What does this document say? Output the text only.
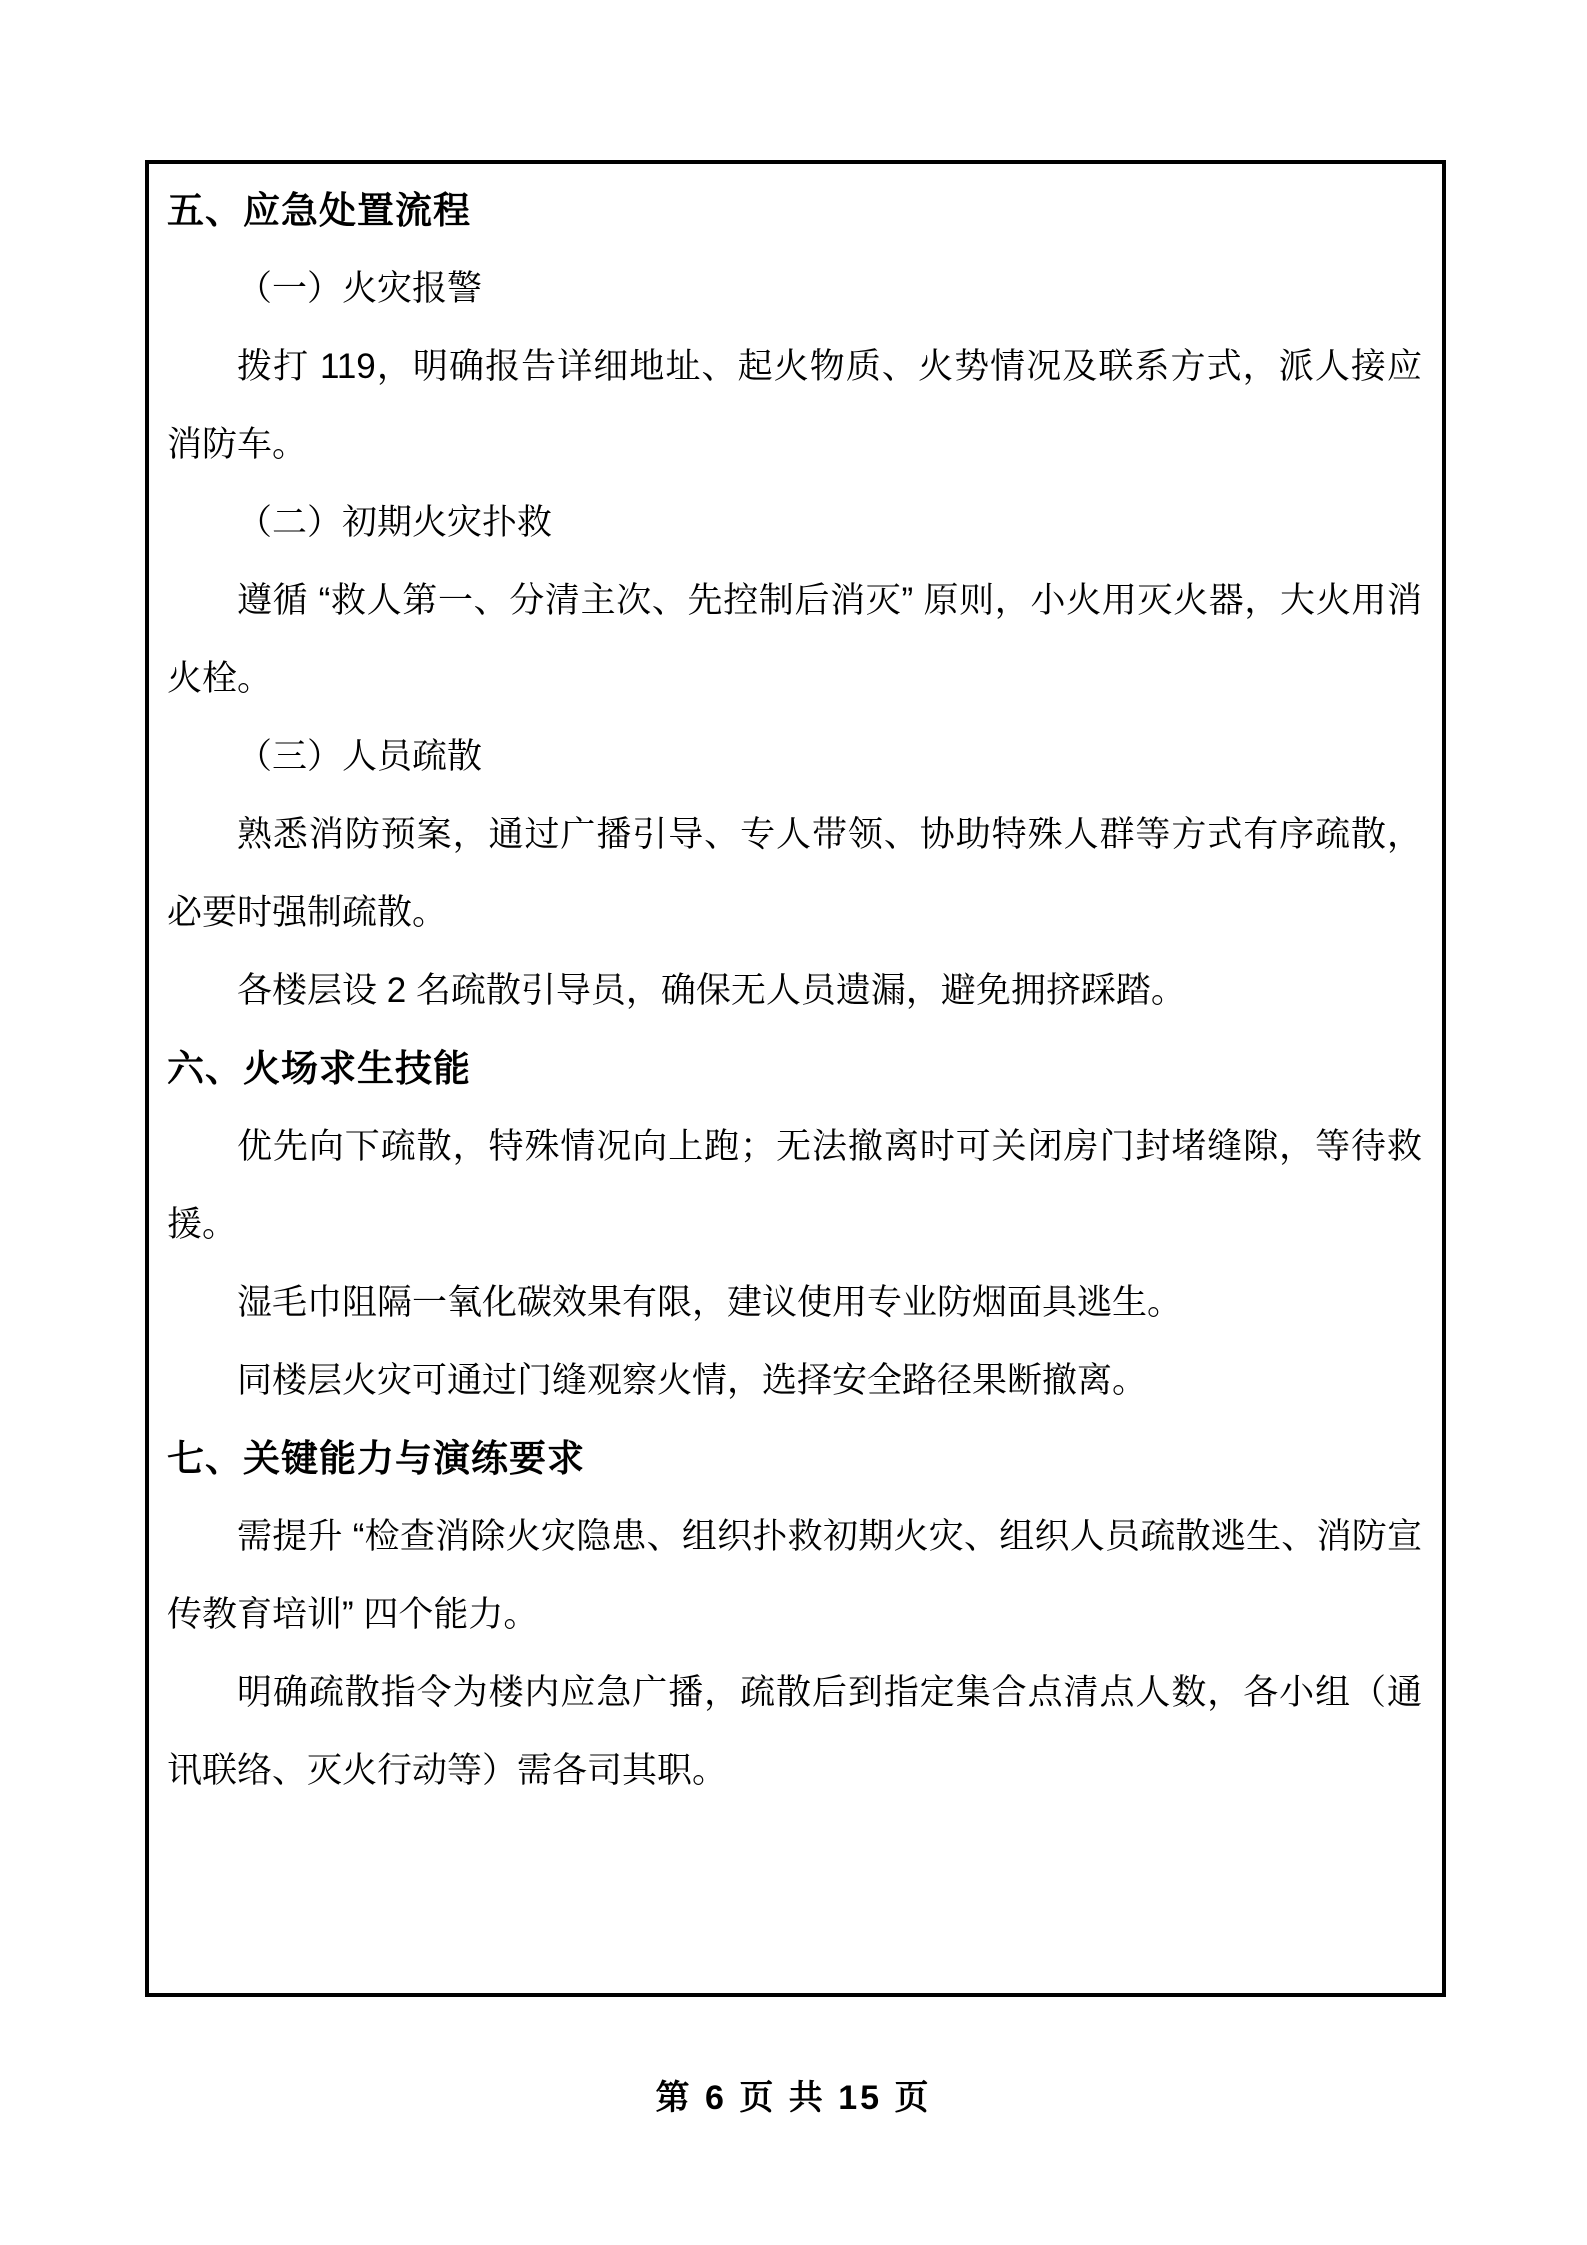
五、应急处置流程

（一）火灾报警

拨打 119，明确报告详细地址、起火物质、火势情况及联系方式，派人接应消防车。

（二）初期火灾扑救

遵循 “救人第一、分清主次、先控制后消灭” 原则，小火用灭火器，大火用消火栓。

（三）人员疏散

熟悉消防预案，通过广播引导、专人带领、协助特殊人群等方式有序疏散，必要时强制疏散。

各楼层设 2 名疏散引导员，确保无人员遗漏，避免拥挤踩踏。

六、火场求生技能

优先向下疏散，特殊情况向上跑；无法撤离时可关闭房门封堵缝隙，等待救援。

湿毛巾阻隔一氧化碳效果有限，建议使用专业防烟面具逃生。

同楼层火灾可通过门缝观察火情，选择安全路径果断撤离。

七、关键能力与演练要求

需提升 “检查消除火灾隐患、组织扑救初期火灾、组织人员疏散逃生、消防宣传教育培训” 四个能力。

明确疏散指令为楼内应急广播，疏散后到指定集合点清点人数，各小组（通讯联络、灭火行动等）需各司其职。

第 6 页 共 15 页
